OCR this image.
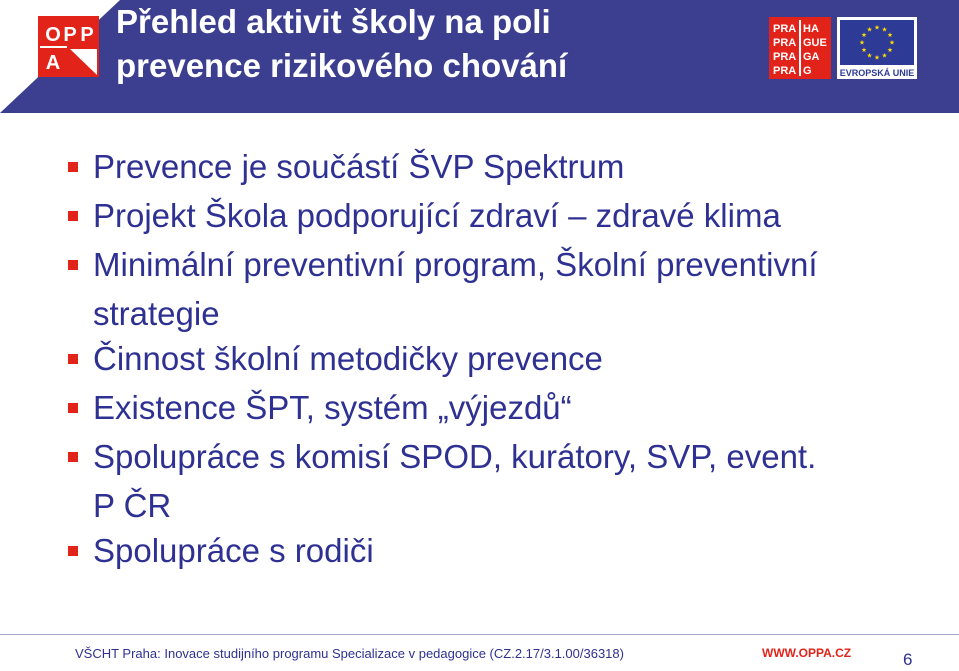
O P P
A
Přehled aktivit školy na poli
prevence rizikového chování
PRA HA
PRA GUE
PRA GA
PRA G	EVROPSKÁ UNIE
Prevence je součástí ŠVP Spektrum
Projekt Škola podporující zdraví – zdravé klima
Minimální preventivní program, Školní preventivní
strategie
Činnost školní metodičky prevence
Existence ŠPT, systém „výjezdů“
Spolupráce s komisí SPOD, kurátory, SVP, event.
P ČR
Spolupráce s rodiči
VŠCHT Praha: Inovace studijního programu Specializace v pedagogice (CZ.2.17/3.1.00/36318)	WWW.OPPA.CZ	6
